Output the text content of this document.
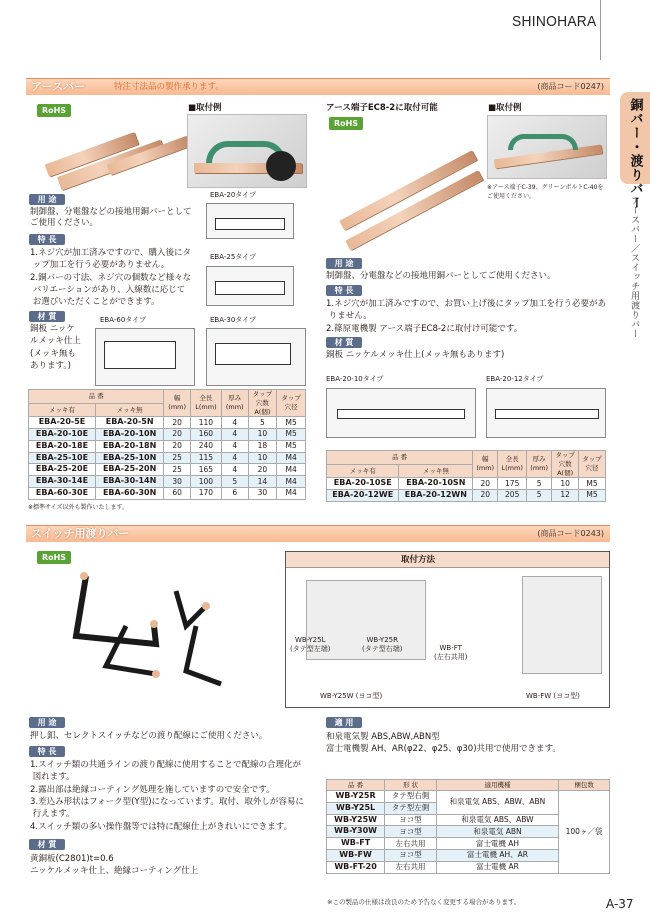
SHINOHARA
銅バー・渡りバー
アースバー／スイッチ用渡りバー
アースバー	特注寸法品の製作承ります。	(商品コード0247)
RoHS	■取付例
用 途
制御盤、分電盤などの接地用銅バーとして
ご使用ください。
特 長
1.ネジ穴が加工済みですので、購入後にタ
ップ加工を行う必要がありません。
2.銅バーの寸法、ネジ穴の個数など様々な
バリエーションがあり、入線数に応じて
お選びいただくことができます。
材 質
銅板 ニッケ
ルメッキ仕上
(メッキ無も
あります。)
EBA-20タイプ
EBA-25タイプ
EBA-60タイプ	EBA-30タイプ
品 番		幅
(mm)	全長
L(mm)	厚み
(mm)	タップ
穴数
A(個)	タップ
穴径
メッキ有	メッキ無					
EBA-20-5E	EBA-20-5N	20	110	4	5	M5
EBA-20-10E	EBA-20-10N	20	160	4	10	M5
EBA-20-18E	EBA-20-18N	20	240	4	18	M5
EBA-25-10E	EBA-25-10N	25	115	4	10	M4
EBA-25-20E	EBA-25-20N	25	165	4	20	M4
EBA-30-14E	EBA-30-14N	30	100	5	14	M4
EBA-60-30E	EBA-60-30N	60	170	6	30	M4
※標準サイズ以外も製作いたします。
アース端子EC8-2に取付可能
RoHS
■取付例
※アース端子C-39、グリーンボルトC-40を
ご使用ください。
用 途
制御盤、分電盤などの接地用銅バーとしてご使用ください。
特 長
1.ネジ穴が加工済みですので、お買い上げ後にタップ加工を行う必要があ
りません。
2.篠原電機製 アース端子EC8-2に取付け可能です。
材 質
銅板 ニッケルメッキ仕上(メッキ無もあります)
EBA-20-10タイプ	EBA-20-12タイプ
品 番		幅
(mm)	全長
L(mm)	厚み
(mm)	タップ
穴数
A(個)	タップ
穴径
メッキ有	メッキ無					
EBA-20-10SE	EBA-20-10SN	20	175	5	10	M5
EBA-20-12WE	EBA-20-12WN	20	205	5	12	M5
スイッチ用渡りバー	(商品コード0243)
RoHS	取付方法
WB-Y25L
(タテ型左端)
WB-Y25R
(タテ型右端)
WB-Y25W (ヨコ型)
WB-FT
(左右共用)
WB-FW (ヨコ型)
用 途
押し釦、セレクトスイッチなどの渡り配線にご使用ください。
特 長
1.スイッチ類の共通ラインの渡り配線に使用することで配線の合理化が
図れます。
2.露出部は絶縁コーティング処理を施していますので安全です。
3.差込み形状はフォーク型(Y型)になっています。取付、取外しが容易に
行えます。
4.スイッチ類の多い操作盤等では特に配線仕上がきれいにできます。
材 質
黄銅板(C2801)t=0.6
ニッケルメッキ仕上、絶縁コーティング仕上
適 用
和泉電気製 ABS,ABW,ABN型
富士電機製 AH、AR(φ22、φ25、φ30)共用で使用できます。
品 番	形 状	適用機種	梱包数
WB-Y25R	タテ型右側	和泉電気 ABS、ABW、ABN	100ヶ／袋
WB-Y25L	タテ型左側		
WB-Y25W	ヨコ型	和泉電気 ABS、ABW	
WB-Y30W	ヨコ型	和泉電気 ABN	
WB-FT	左右共用	富士電機 AH	
WB-FW	ヨコ型	富士電機 AH、AR	
WB-FT-20	左右共用	富士電機 AR	
※この製品の仕様は改良のため予告なく変更する場合があります。	A-37
